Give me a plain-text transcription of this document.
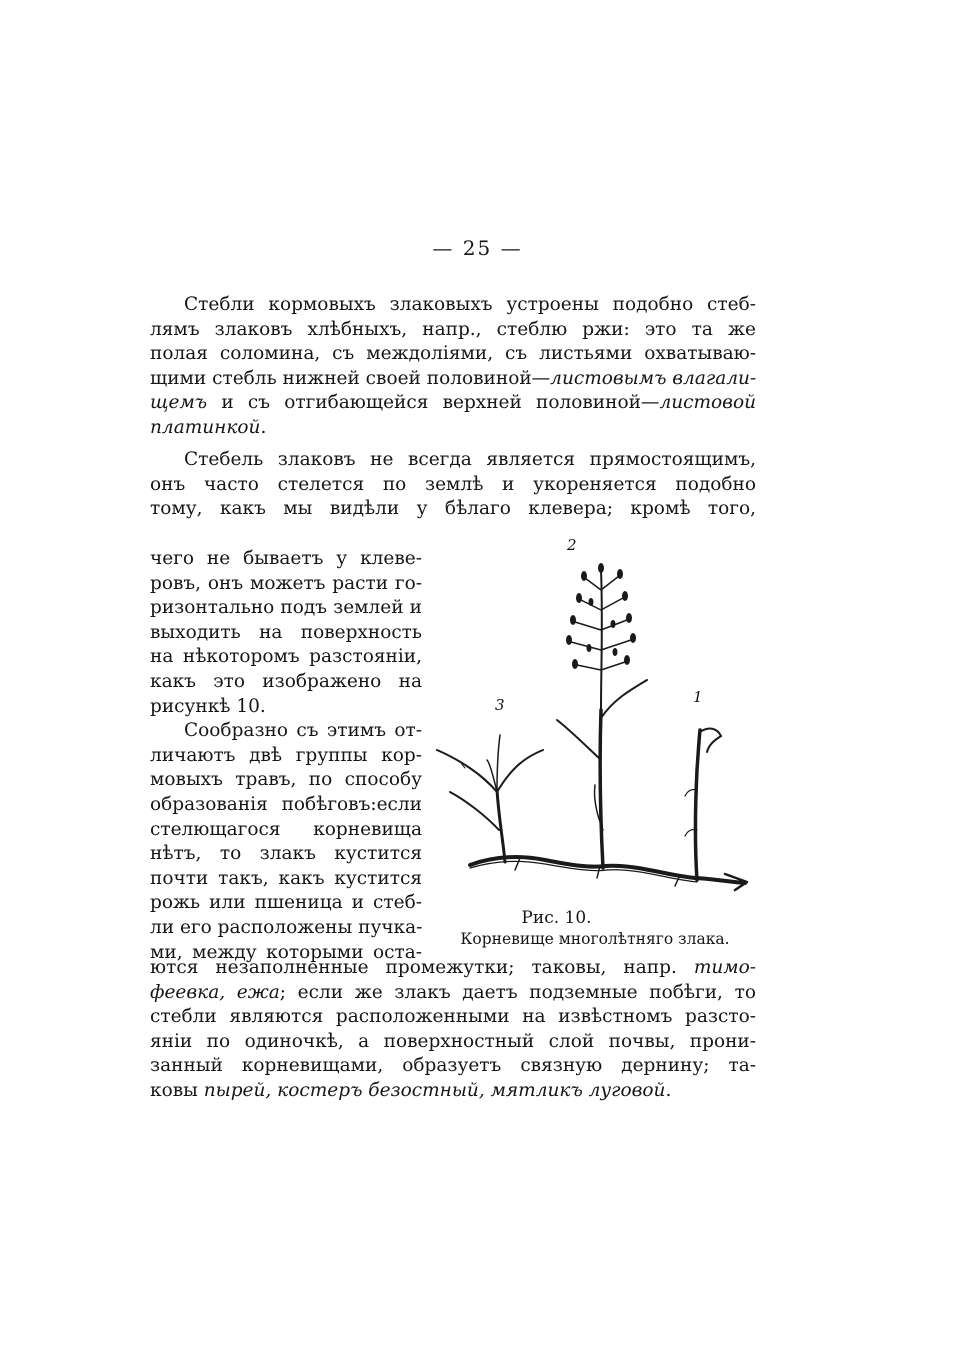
— 25 —
Стебли кормовыхъ злаковыхъ устроены подобно стеб-
лямъ злаковъ хлѣбныхъ, напр., стеблю ржи: это та же
полая соломина, съ междоліями, съ листьями охватываю-
щими стебль нижней своей половиной—листовымъ влагали-
щемъ и съ отгибающейся верхней половиной—листовой
платинкой.
Стебель злаковъ не всегда является прямостоящимъ,
онъ часто стелется по землѣ и укореняется подобно
тому, какъ мы видѣли у бѣлаго клевера; кромѣ того,
чего не бываетъ у клеве-
ровъ, онъ можетъ расти го-
ризонтально подъ землей и
выходить на поверхность
на нѣкоторомъ разстояніи,
какъ это изображено на
рисункѣ 10.
Сообразно съ этимъ от-
личаютъ двѣ группы кор-
мовыхъ травъ, по способу
образованія побѣговъ:если
стелющагося корневища
нѣтъ, то злакъ кустится
почти такъ, какъ кустится
рожь или пшеница и стеб-
ли его расположены пучка-
ми, между которыми оста-
2
3	1
Рис. 10.
Корневище многолѣтняго злака.
ются незаполненные промежутки; таковы, напр. тимо-
феевка, ежа; если же злакъ даетъ подземные побѣги, то
стебли являются расположенными на извѣстномъ разсто-
яніи по одиночкѣ, а поверхностный слой почвы, прони-
занный корневищами, образуетъ связную дернину; та-
ковы пырей, костеръ безостный, мятликъ луговой.
